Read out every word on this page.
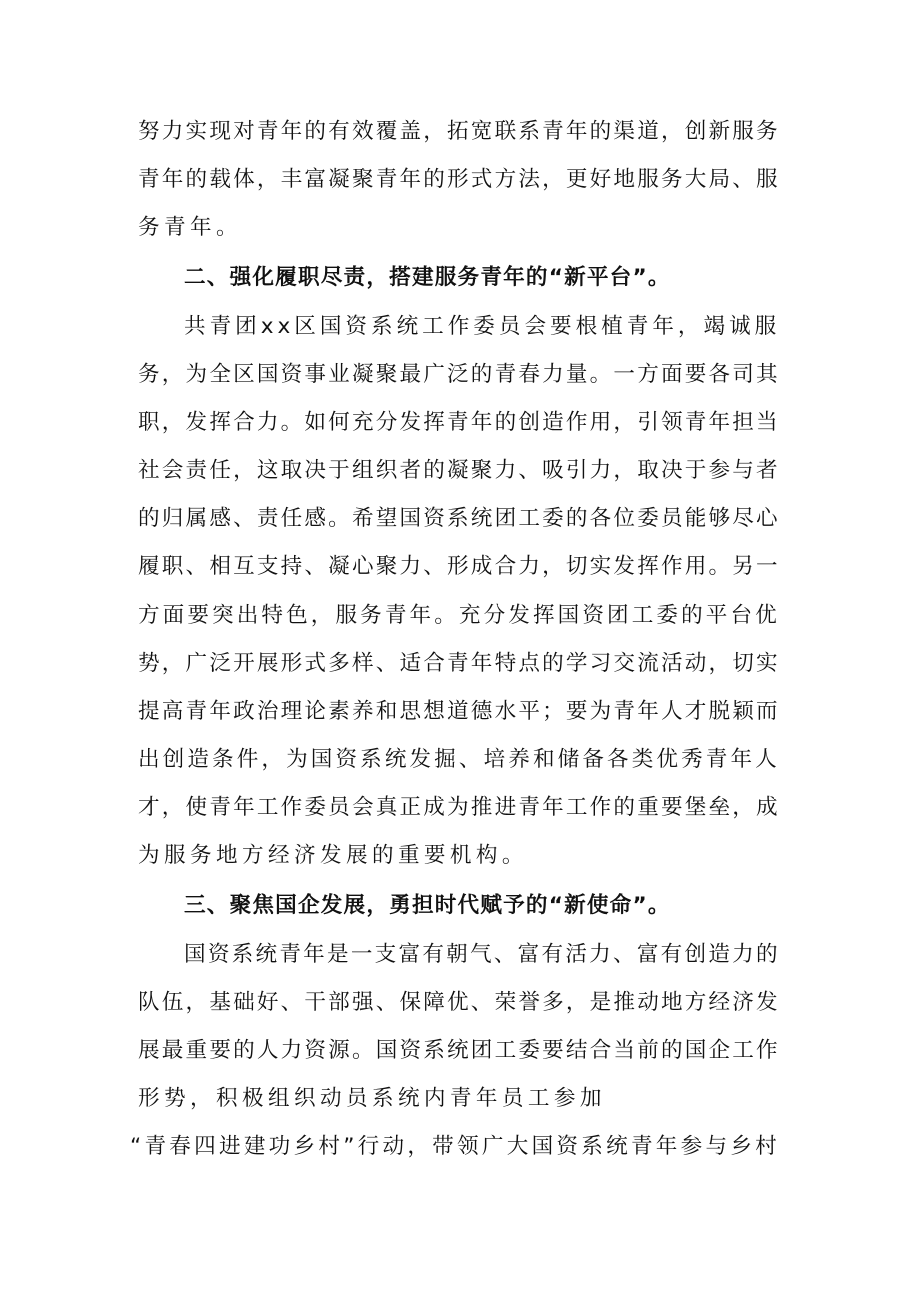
努力实现对青年的有效覆盖，拓宽联系青年的渠道，创新服务
青年的载体，丰富凝聚青年的形式方法，更好地服务大局、服
务青年。
二、强化履职尽责，搭建服务青年的“新平台”。
共青团xx区国资系统工作委员会要根植青年，竭诚服
务，为全区国资事业凝聚最广泛的青春力量。一方面要各司其
职，发挥合力。如何充分发挥青年的创造作用，引领青年担当
社会责任，这取决于组织者的凝聚力、吸引力，取决于参与者
的归属感、责任感。希望国资系统团工委的各位委员能够尽心
履职、相互支持、凝心聚力、形成合力，切实发挥作用。另一
方面要突出特色，服务青年。充分发挥国资团工委的平台优
势，广泛开展形式多样、适合青年特点的学习交流活动，切实
提高青年政治理论素养和思想道德水平；要为青年人才脱颖而
出创造条件，为国资系统发掘、培养和储备各类优秀青年人
才，使青年工作委员会真正成为推进青年工作的重要堡垒，成
为服务地方经济发展的重要机构。
三、聚焦国企发展，勇担时代赋予的“新使命”。
国资系统青年是一支富有朝气、富有活力、富有创造力的
队伍，基础好、干部强、保障优、荣誉多，是推动地方经济发
展最重要的人力资源。国资系统团工委要结合当前的国企工作
形势，积极组织动员系统内青年员工参加
“青春四进建功乡村”行动，带领广大国资系统青年参与乡村
